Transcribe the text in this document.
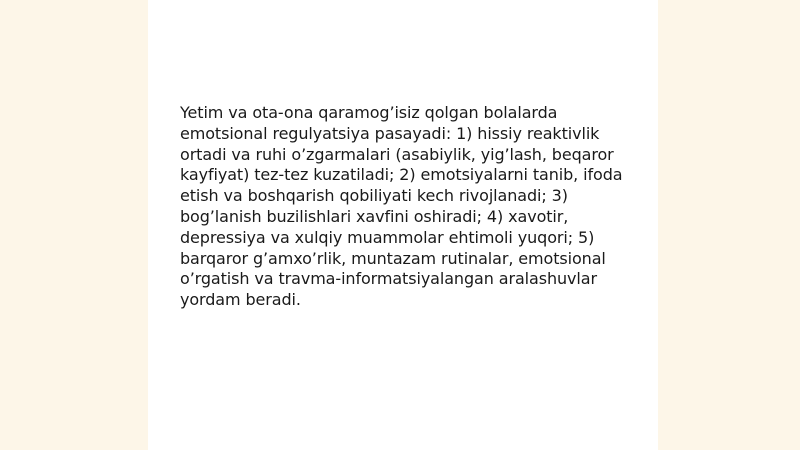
Yetim va ota-ona qaramog’isiz qolgan bolalarda emotsional regulyatsiya pasayadi: 1) hissiy reaktivlik ortadi va ruhi o’zgarmalari (asabiylik, yig’lash, beqaror kayfiyat) tez-tez kuzatiladi; 2) emotsiyalarni tanib, ifoda etish va boshqarish qobiliyati kech rivojlanadi; 3) bog’lanish buzilishlari xavfini oshiradi; 4) xavotir, depressiya va xulqiy muammolar ehtimoli yuqori; 5) barqaror g’amxo’rlik, muntazam rutinalar, emotsional o’rgatish va travma-informatsiyalangan aralashuvlar yordam beradi.
